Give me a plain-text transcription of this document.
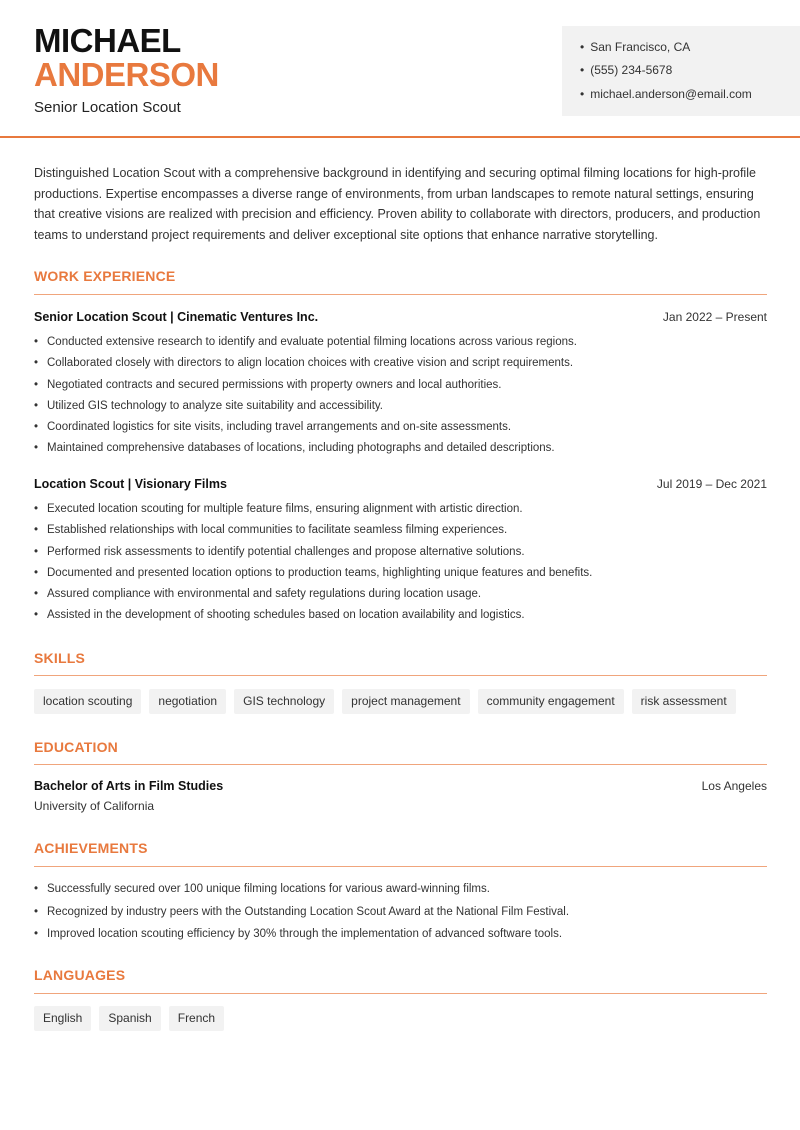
MICHAEL
ANDERSON
Senior Location Scout
• San Francisco, CA
• (555) 234-5678
• michael.anderson@email.com
Distinguished Location Scout with a comprehensive background in identifying and securing optimal filming locations for high-profile productions. Expertise encompasses a diverse range of environments, from urban landscapes to remote natural settings, ensuring that creative visions are realized with precision and efficiency. Proven ability to collaborate with directors, producers, and production teams to understand project requirements and deliver exceptional site options that enhance narrative storytelling.
WORK EXPERIENCE
Senior Location Scout | Cinematic Ventures Inc.	Jan 2022 – Present
• Conducted extensive research to identify and evaluate potential filming locations across various regions.
• Collaborated closely with directors to align location choices with creative vision and script requirements.
• Negotiated contracts and secured permissions with property owners and local authorities.
• Utilized GIS technology to analyze site suitability and accessibility.
• Coordinated logistics for site visits, including travel arrangements and on-site assessments.
• Maintained comprehensive databases of locations, including photographs and detailed descriptions.
Location Scout | Visionary Films	Jul 2019 – Dec 2021
• Executed location scouting for multiple feature films, ensuring alignment with artistic direction.
• Established relationships with local communities to facilitate seamless filming experiences.
• Performed risk assessments to identify potential challenges and propose alternative solutions.
• Documented and presented location options to production teams, highlighting unique features and benefits.
• Assured compliance with environmental and safety regulations during location usage.
• Assisted in the development of shooting schedules based on location availability and logistics.
SKILLS
location scouting	negotiation	GIS technology	project management	community engagement	risk assessment
EDUCATION
Bachelor of Arts in Film Studies	Los Angeles
University of California
ACHIEVEMENTS
• Successfully secured over 100 unique filming locations for various award-winning films.
• Recognized by industry peers with the Outstanding Location Scout Award at the National Film Festival.
• Improved location scouting efficiency by 30% through the implementation of advanced software tools.
LANGUAGES
English	Spanish	French
